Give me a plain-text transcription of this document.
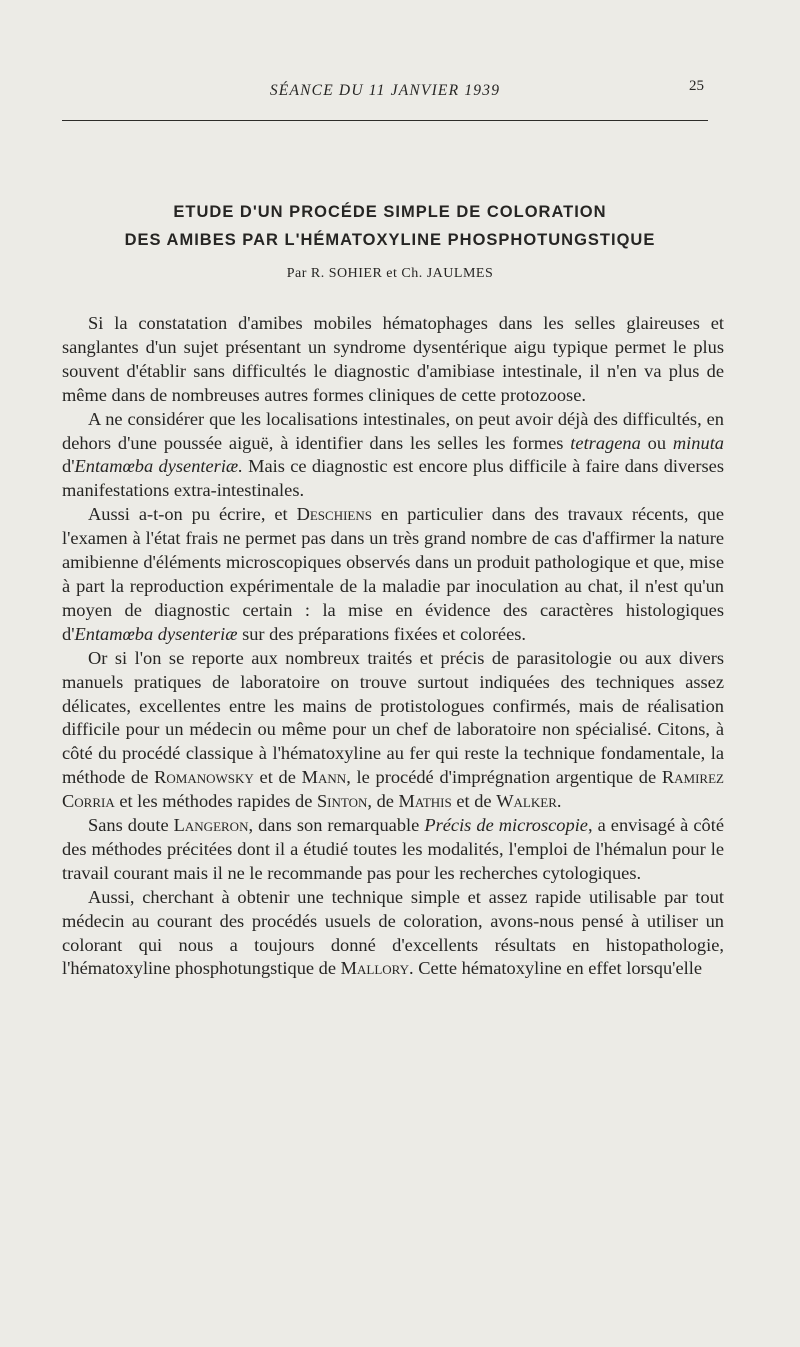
SÉANCE DU 11 JANVIER 1939	25
ETUDE D'UN PROCÉDE SIMPLE DE COLORATION
DES AMIBES PAR L'HÉMATOXYLINE PHOSPHOTUNGSTIQUE
Par R. SOHIER et Ch. JAULMES

Si la constatation d'amibes mobiles hématophages dans les selles glaireuses et sanglantes d'un sujet présentant un syndrome dysentérique aigu typique permet le plus souvent d'établir sans difficultés le diagnostic d'amibiase intestinale, il n'en va plus de même dans de nombreuses autres formes cliniques de cette protozoose.

A ne considérer que les localisations intestinales, on peut avoir déjà des difficultés, en dehors d'une poussée aiguë, à identifier dans les selles les formes tetragena ou minuta d'Entamœba dysenteriæ. Mais ce diagnostic est encore plus difficile à faire dans diverses manifestations extra-intestinales.

Aussi a-t-on pu écrire, et Deschiens en particulier dans des travaux récents, que l'examen à l'état frais ne permet pas dans un très grand nombre de cas d'affirmer la nature amibienne d'éléments microscopiques observés dans un produit pathologique et que, mise à part la reproduction expérimentale de la maladie par inoculation au chat, il n'est qu'un moyen de diagnostic certain : la mise en évidence des caractères histologiques d'Entamœba dysenteriæ sur des préparations fixées et colorées.

Or si l'on se reporte aux nombreux traités et précis de parasitologie ou aux divers manuels pratiques de laboratoire on trouve surtout indiquées des techniques assez délicates, excellentes entre les mains de protistologues confirmés, mais de réalisation difficile pour un médecin ou même pour un chef de laboratoire non spécialisé. Citons, à côté du procédé classique à l'hématoxyline au fer qui reste la technique fondamentale, la méthode de Romanowsky et de Mann, le procédé d'imprégnation argentique de Ramirez Corria et les méthodes rapides de Sinton, de Mathis et de Walker.

Sans doute Langeron, dans son remarquable Précis de microscopie, a envisagé à côté des méthodes précitées dont il a étudié toutes les modalités, l'emploi de l'hémalun pour le travail courant mais il ne le recommande pas pour les recherches cytologiques.

Aussi, cherchant à obtenir une technique simple et assez rapide utilisable par tout médecin au courant des procédés usuels de coloration, avons-nous pensé à utiliser un colorant qui nous a toujours donné d'excellents résultats en histopathologie, l'hématoxyline phosphotungstique de Mallory. Cette hématoxyline en effet lorsqu'elle
